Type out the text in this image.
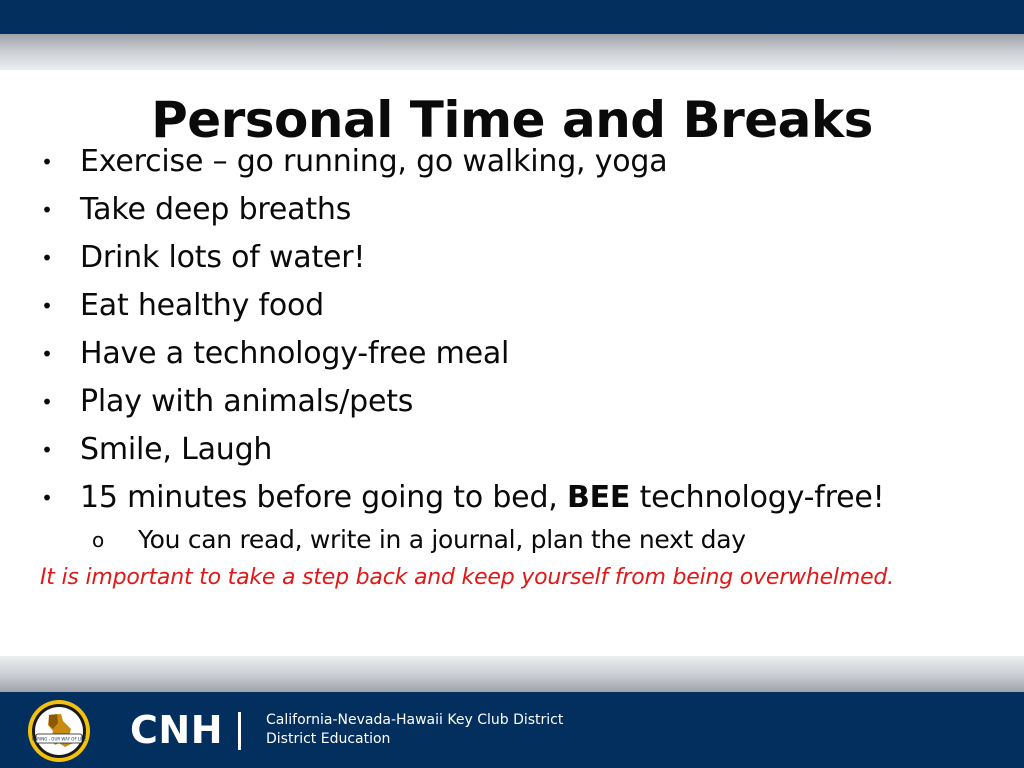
Personal Time and Breaks
• Exercise – go running, go walking, yoga
• Take deep breaths
• Drink lots of water!
• Eat healthy food
• Have a technology-free meal
• Play with animals/pets
• Smile, Laugh
• 15 minutes before going to bed, BEE technology-free!
o You can read, write in a journal, plan the next day
It is important to take a step back and keep yourself from being overwhelmed.
CARING - OUR WAY OF LIFE CNH	California-Nevada-Hawaii Key Club District
District Education
